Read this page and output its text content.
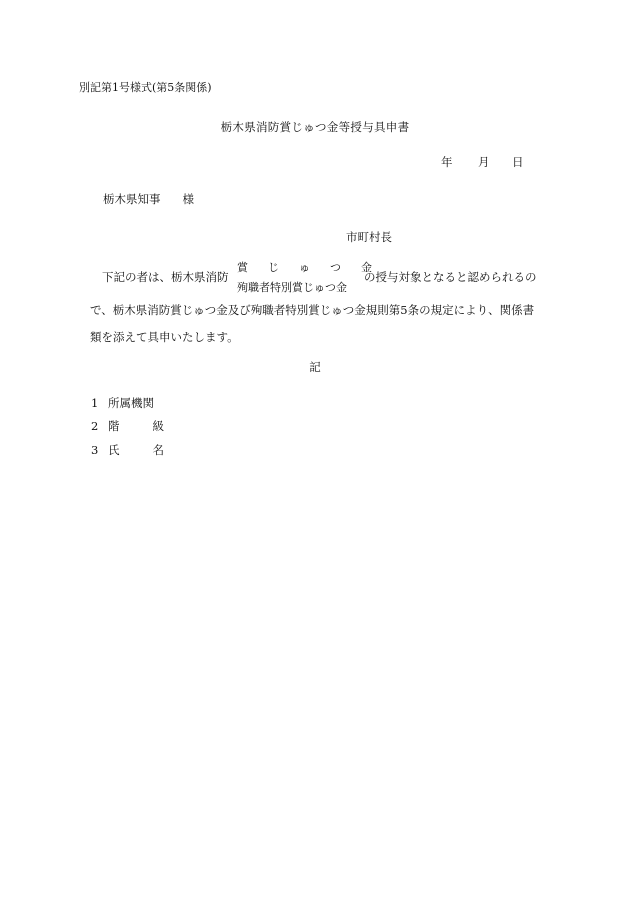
別記第1号様式(第5条関係)
栃木県消防賞じゅつ金等授与具申書
年 月 日
栃木県知事 様
市町村長
下記の者は、栃木県消防
賞 じ ゅ つ 金
殉職者特別賞じゅつ金
の授与対象となると認められるの
で、栃木県消防賞じゅつ金及び殉職者特別賞じゅつ金規則第5条の規定により、関係書
類を添えて具申いたします。
記
1 所属機関
2 階級
3 氏名
